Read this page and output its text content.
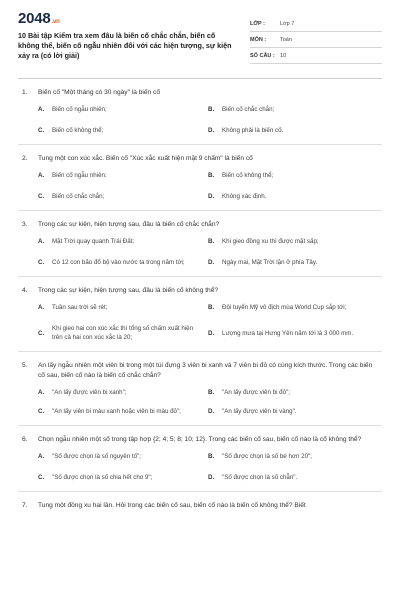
2048.vn
10 Bài tập Kiểm tra xem đâu là biến cố chắc chắn, biến cố không thể, biến cố ngẫu nhiên đối với các hiện tượng, sự kiện xảy ra (có lời giải)
LỚP :	Lớp 7
MÔN :	Toán
SỐ CÂU : 10
1.	Biến cố "Một tháng có 30 ngày" là biến cố
A.	Biến cố ngẫu nhiên;	B.	Biến cố chắc chắn;
C.	Biến cố không thể;	D.	Không phải là biến cố.
2.	Tung một con xúc xắc. Biến cố "Xúc xắc xuất hiện mặt 9 chấm" là biến cố
A.	Biến cố ngẫu nhiên;	B.	Biến cố không thể;
C.	Biến cố chắc chắn;	D.	Không xác định.
3.	Trong các sự kiện, hiện tượng sau, đâu là biến cố chắc chắn?
A.	Mặt Trời quay quanh Trái Đất;	B.	Khi gieo đồng xu thì được mặt sấp;
C.	Có 12 con bão đổ bộ vào nước ta trong năm tới;	D.	Ngày mai, Mặt Trời lặn ở phía Tây.
4.	Trong các sự kiện, hiện tượng sau, đâu là biến cố không thể?
A.	Tuần sau trời sẽ rét;	B.	Đội tuyển Mỹ vô địch mùa World Cup sắp tới;
C.
Khi gieo hai con xúc xắc thì tổng số chấm xuất hiện trên cả hai con xúc xắc là 20;
D.	Lượng mưa tại Hưng Yên năm tới là 3 000 mm.
5.	An lấy ngẫu nhiên một viên bi trong một túi đựng 3 viên bi xanh và 7 viên bi đỏ có cùng kích thước. Trong các biến cố sau, biến cố nào là biến cố chắc chắn?
A.	"An lấy được viên bi xanh";	B.	"An lấy được viên bi đỏ";
C.	"An lấy viên bi màu xanh hoặc viên bi màu đỏ";	D.	"An lấy được viên bi vàng".
6.	Chọn ngẫu nhiên một số trong tập hợp {2; 4; 5; 8; 10; 12}. Trong các biến cố sau, biến cố nào là cố không thể?
A.	"Số được chọn là số nguyên tố";	B.	"Số được chọn là số bé hơn 20";
C.	"Số được chọn là số chia hết cho 9";	D.	"Số được chọn là số chẵn".
7.	Tung một đồng xu hai lần. Hỏi trong các biến cố sau, biến cố nào là biến cố không thể? Biết
